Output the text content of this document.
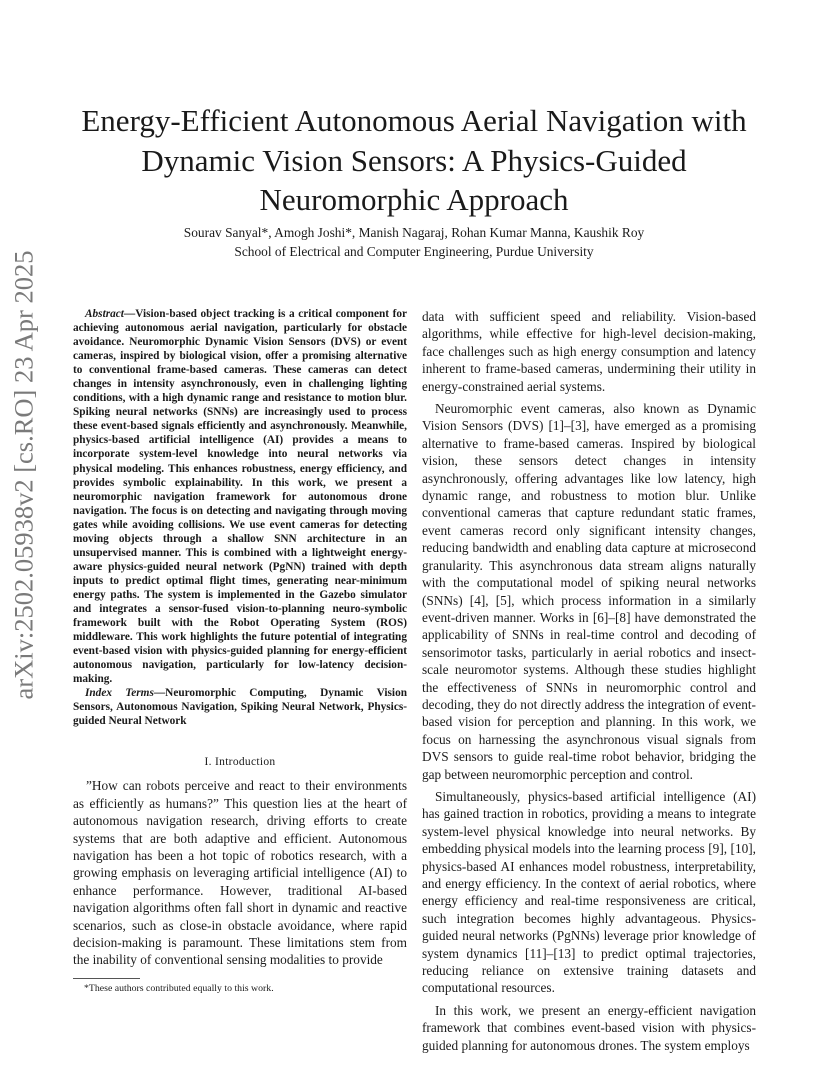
arXiv:2502.05938v2 [cs.RO] 23 Apr 2025
Energy-Efficient Autonomous Aerial Navigation with Dynamic Vision Sensors: A Physics-Guided Neuromorphic Approach
Sourav Sanyal*, Amogh Joshi*, Manish Nagaraj, Rohan Kumar Manna, Kaushik Roy
School of Electrical and Computer Engineering, Purdue University

Abstract—Vision-based object tracking is a critical component for achieving autonomous aerial navigation, particularly for obstacle avoidance. Neuromorphic Dynamic Vision Sensors (DVS) or event cameras, inspired by biological vision, offer a promising alternative to conventional frame-based cameras. These cameras can detect changes in intensity asynchronously, even in challenging lighting conditions, with a high dynamic range and resistance to motion blur. Spiking neural networks (SNNs) are increasingly used to process these event-based signals efficiently and asynchronously. Meanwhile, physics-based artificial intelligence (AI) provides a means to incorporate system-level knowledge into neural networks via physical modeling. This enhances robustness, energy efficiency, and provides symbolic explainability. In this work, we present a neuromorphic navigation framework for autonomous drone navigation. The focus is on detecting and navigating through moving gates while avoiding collisions. We use event cameras for detecting moving objects through a shallow SNN architecture in an unsupervised manner. This is combined with a lightweight energy-aware physics-guided neural network (PgNN) trained with depth inputs to predict optimal flight times, generating near-minimum energy paths. The system is implemented in the Gazebo simulator and integrates a sensor-fused vision-to-planning neuro-symbolic framework built with the Robot Operating System (ROS) middleware. This work highlights the future potential of integrating event-based vision with physics-guided planning for energy-efficient autonomous navigation, particularly for low-latency decision-making.

Index Terms—Neuromorphic Computing, Dynamic Vision Sensors, Autonomous Navigation, Spiking Neural Network, Physics-guided Neural Network

I. Introduction

”How can robots perceive and react to their environments as efficiently as humans?” This question lies at the heart of autonomous navigation research, driving efforts to create systems that are both adaptive and efficient. Autonomous navigation has been a hot topic of robotics research, with a growing emphasis on leveraging artificial intelligence (AI) to enhance performance. However, traditional AI-based navigation algorithms often fall short in dynamic and reactive scenarios, such as close-in obstacle avoidance, where rapid decision-making is paramount. These limitations stem from the inability of conventional sensing modalities to provide

data with sufficient speed and reliability. Vision-based algorithms, while effective for high-level decision-making, face challenges such as high energy consumption and latency inherent to frame-based cameras, undermining their utility in energy-constrained aerial systems.

Neuromorphic event cameras, also known as Dynamic Vision Sensors (DVS) [1]–[3], have emerged as a promising alternative to frame-based cameras. Inspired by biological vision, these sensors detect changes in intensity asynchronously, offering advantages like low latency, high dynamic range, and robustness to motion blur. Unlike conventional cameras that capture redundant static frames, event cameras record only significant intensity changes, reducing bandwidth and enabling data capture at microsecond granularity. This asynchronous data stream aligns naturally with the computational model of spiking neural networks (SNNs) [4], [5], which process information in a similarly event-driven manner. Works in [6]–[8] have demonstrated the applicability of SNNs in real-time control and decoding of sensorimotor tasks, particularly in aerial robotics and insect-scale neuromotor systems. Although these studies highlight the effectiveness of SNNs in neuromorphic control and decoding, they do not directly address the integration of event-based vision for perception and planning. In this work, we focus on harnessing the asynchronous visual signals from DVS sensors to guide real-time robot behavior, bridging the gap between neuromorphic perception and control.

Simultaneously, physics-based artificial intelligence (AI) has gained traction in robotics, providing a means to integrate system-level physical knowledge into neural networks. By embedding physical models into the learning process [9], [10], physics-based AI enhances model robustness, interpretability, and energy efficiency. In the context of aerial robotics, where energy efficiency and real-time responsiveness are critical, such integration becomes highly advantageous. Physics-guided neural networks (PgNNs) leverage prior knowledge of system dynamics [11]–[13] to predict optimal trajectories, reducing reliance on extensive training datasets and computational resources.

In this work, we present an energy-efficient navigation framework that combines event-based vision with physics-guided planning for autonomous drones. The system employs

*These authors contributed equally to this work.
